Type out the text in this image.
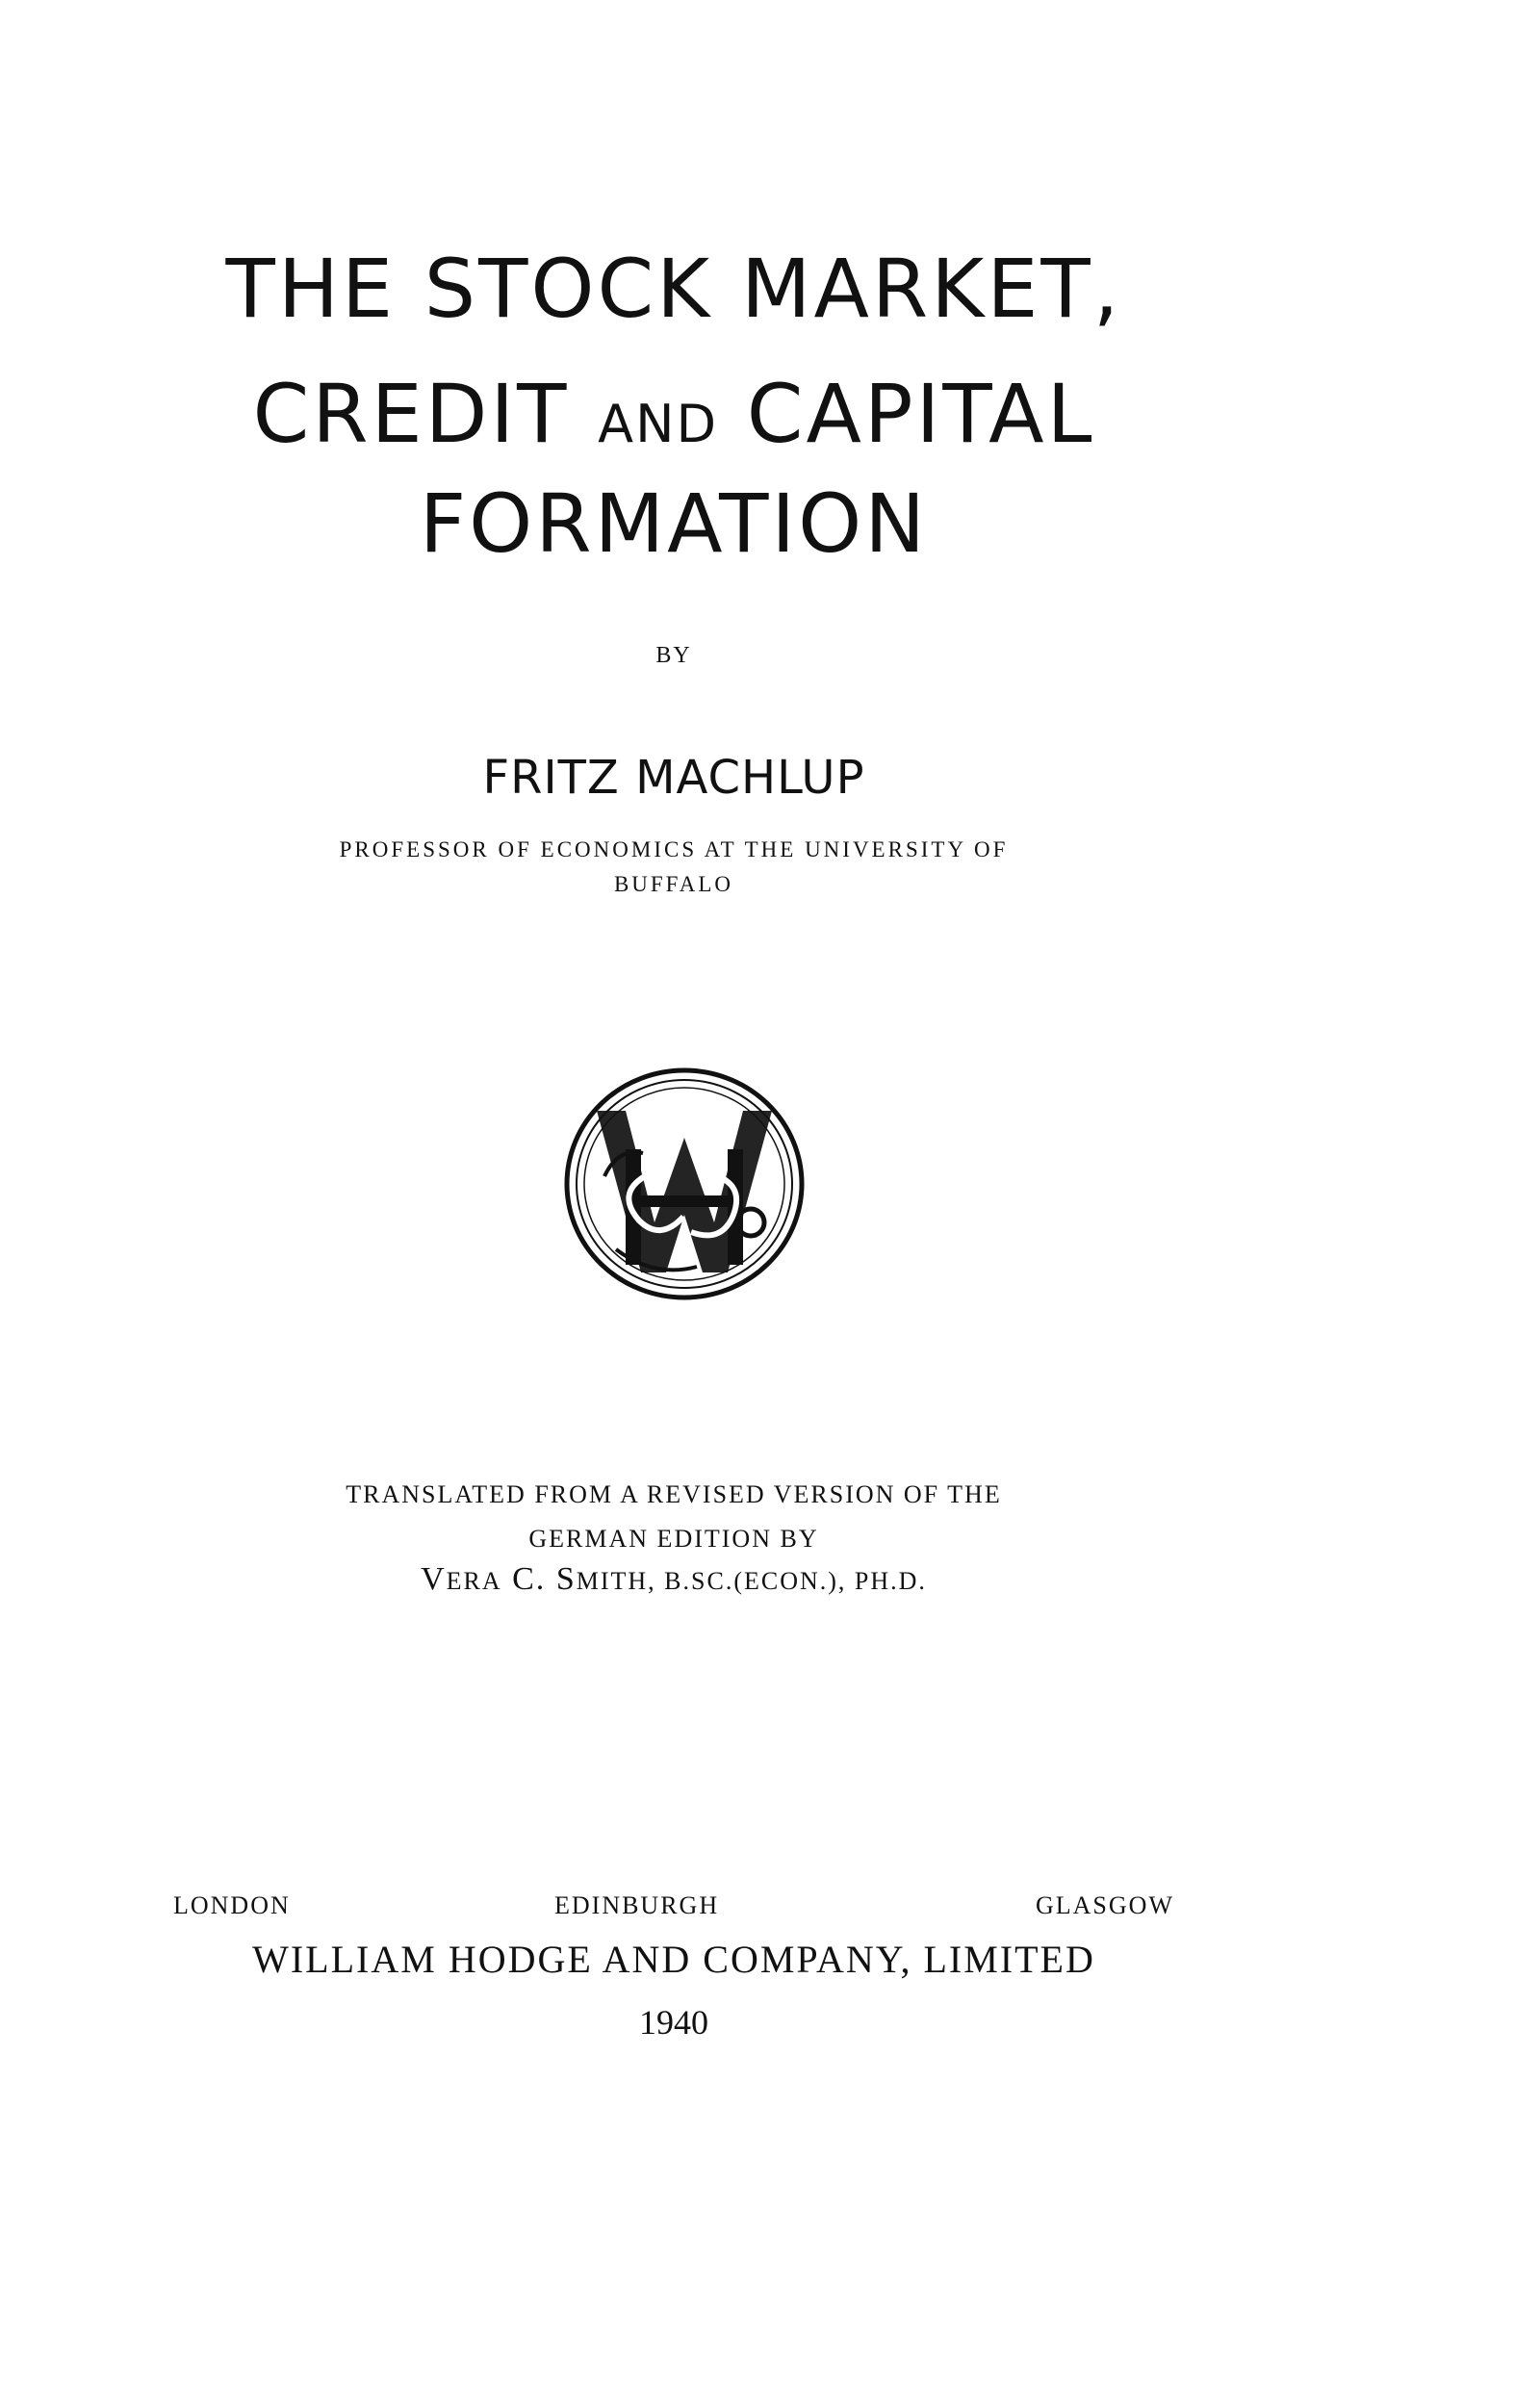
THE STOCK MARKET,
CREDIT AND CAPITAL
FORMATION
BY
FRITZ MACHLUP
PROFESSOR OF ECONOMICS AT THE UNIVERSITY OF
BUFFALO
TRANSLATED FROM A REVISED VERSION OF THE
GERMAN EDITION BY
VERA C. SMITH, B.SC.(ECON.), PH.D.
LONDON	EDINBURGH	GLASGOW
WILLIAM HODGE AND COMPANY, LIMITED
1940
